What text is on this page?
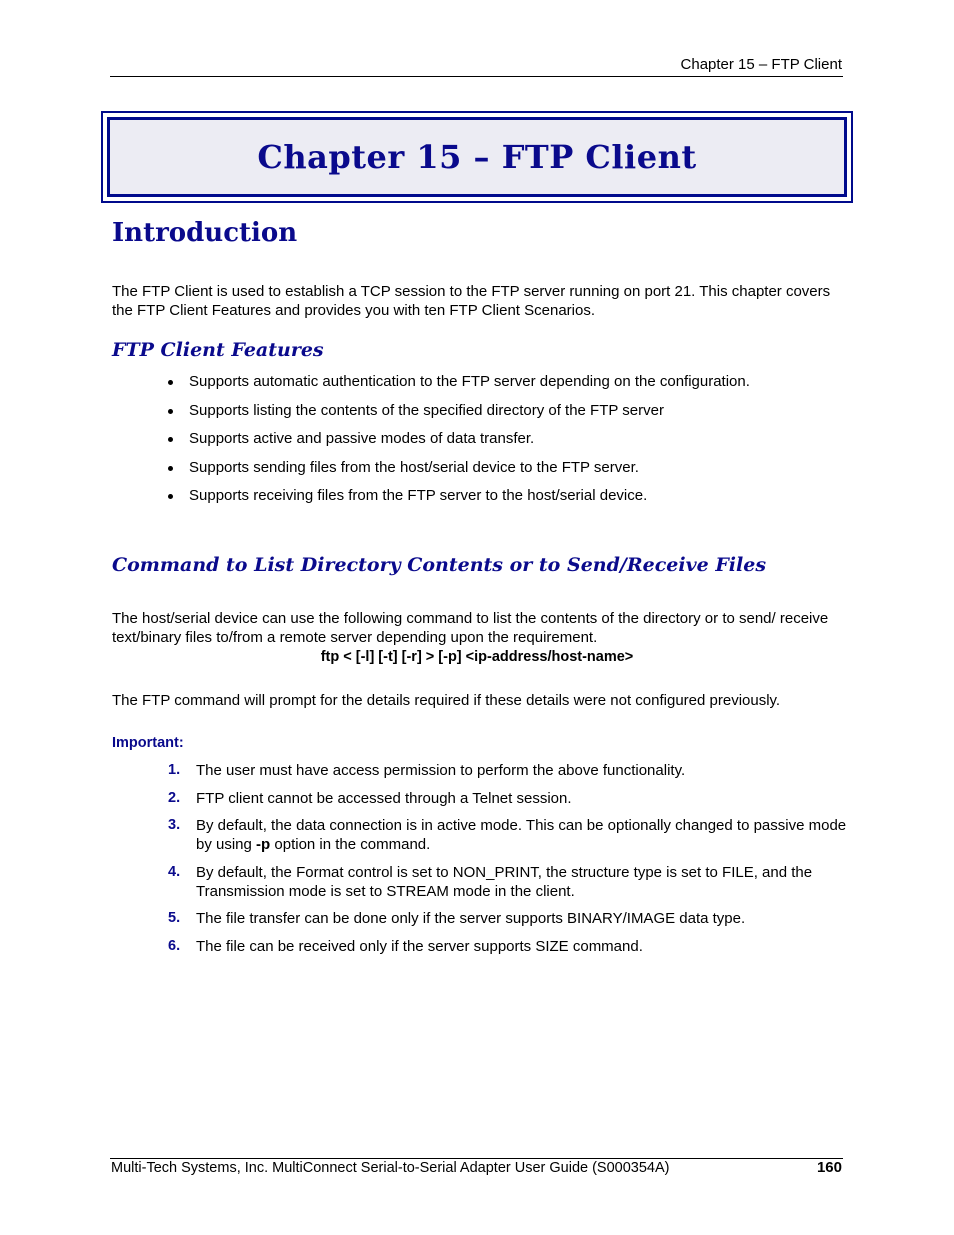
Chapter 15 – FTP Client
Chapter 15 – FTP Client
Introduction
The FTP Client is used to establish a TCP session to the FTP server running on port 21. This chapter covers the FTP Client Features and provides you with ten FTP Client Scenarios.
FTP Client Features
Supports automatic authentication to the FTP server depending on the configuration.
Supports listing the contents of the specified directory of the FTP server
Supports active and passive modes of data transfer.
Supports sending files from the host/serial device to the FTP server.
Supports receiving files from the FTP server to the host/serial device.
Command to List Directory Contents or to Send/Receive Files
The host/serial device can use the following command to list the contents of the directory or to send/ receive text/binary files to/from a remote server depending upon the requirement.
ftp < [-l] [-t] [-r] > [-p] <ip-address/host-name>
The FTP command will prompt for the details required if these details were not configured previously.
Important:
1. The user must have access permission to perform the above functionality.
2. FTP client cannot be accessed through a Telnet session.
3. By default, the data connection is in active mode. This can be optionally changed to passive mode by using -p option in the command.
4. By default, the Format control is set to NON_PRINT, the structure type is set to FILE, and the Transmission mode is set to STREAM mode in the client.
5. The file transfer can be done only if the server supports BINARY/IMAGE data type.
6. The file can be received only if the server supports SIZE command.
Multi-Tech Systems, Inc. MultiConnect Serial-to-Serial Adapter User Guide (S000354A)	160
